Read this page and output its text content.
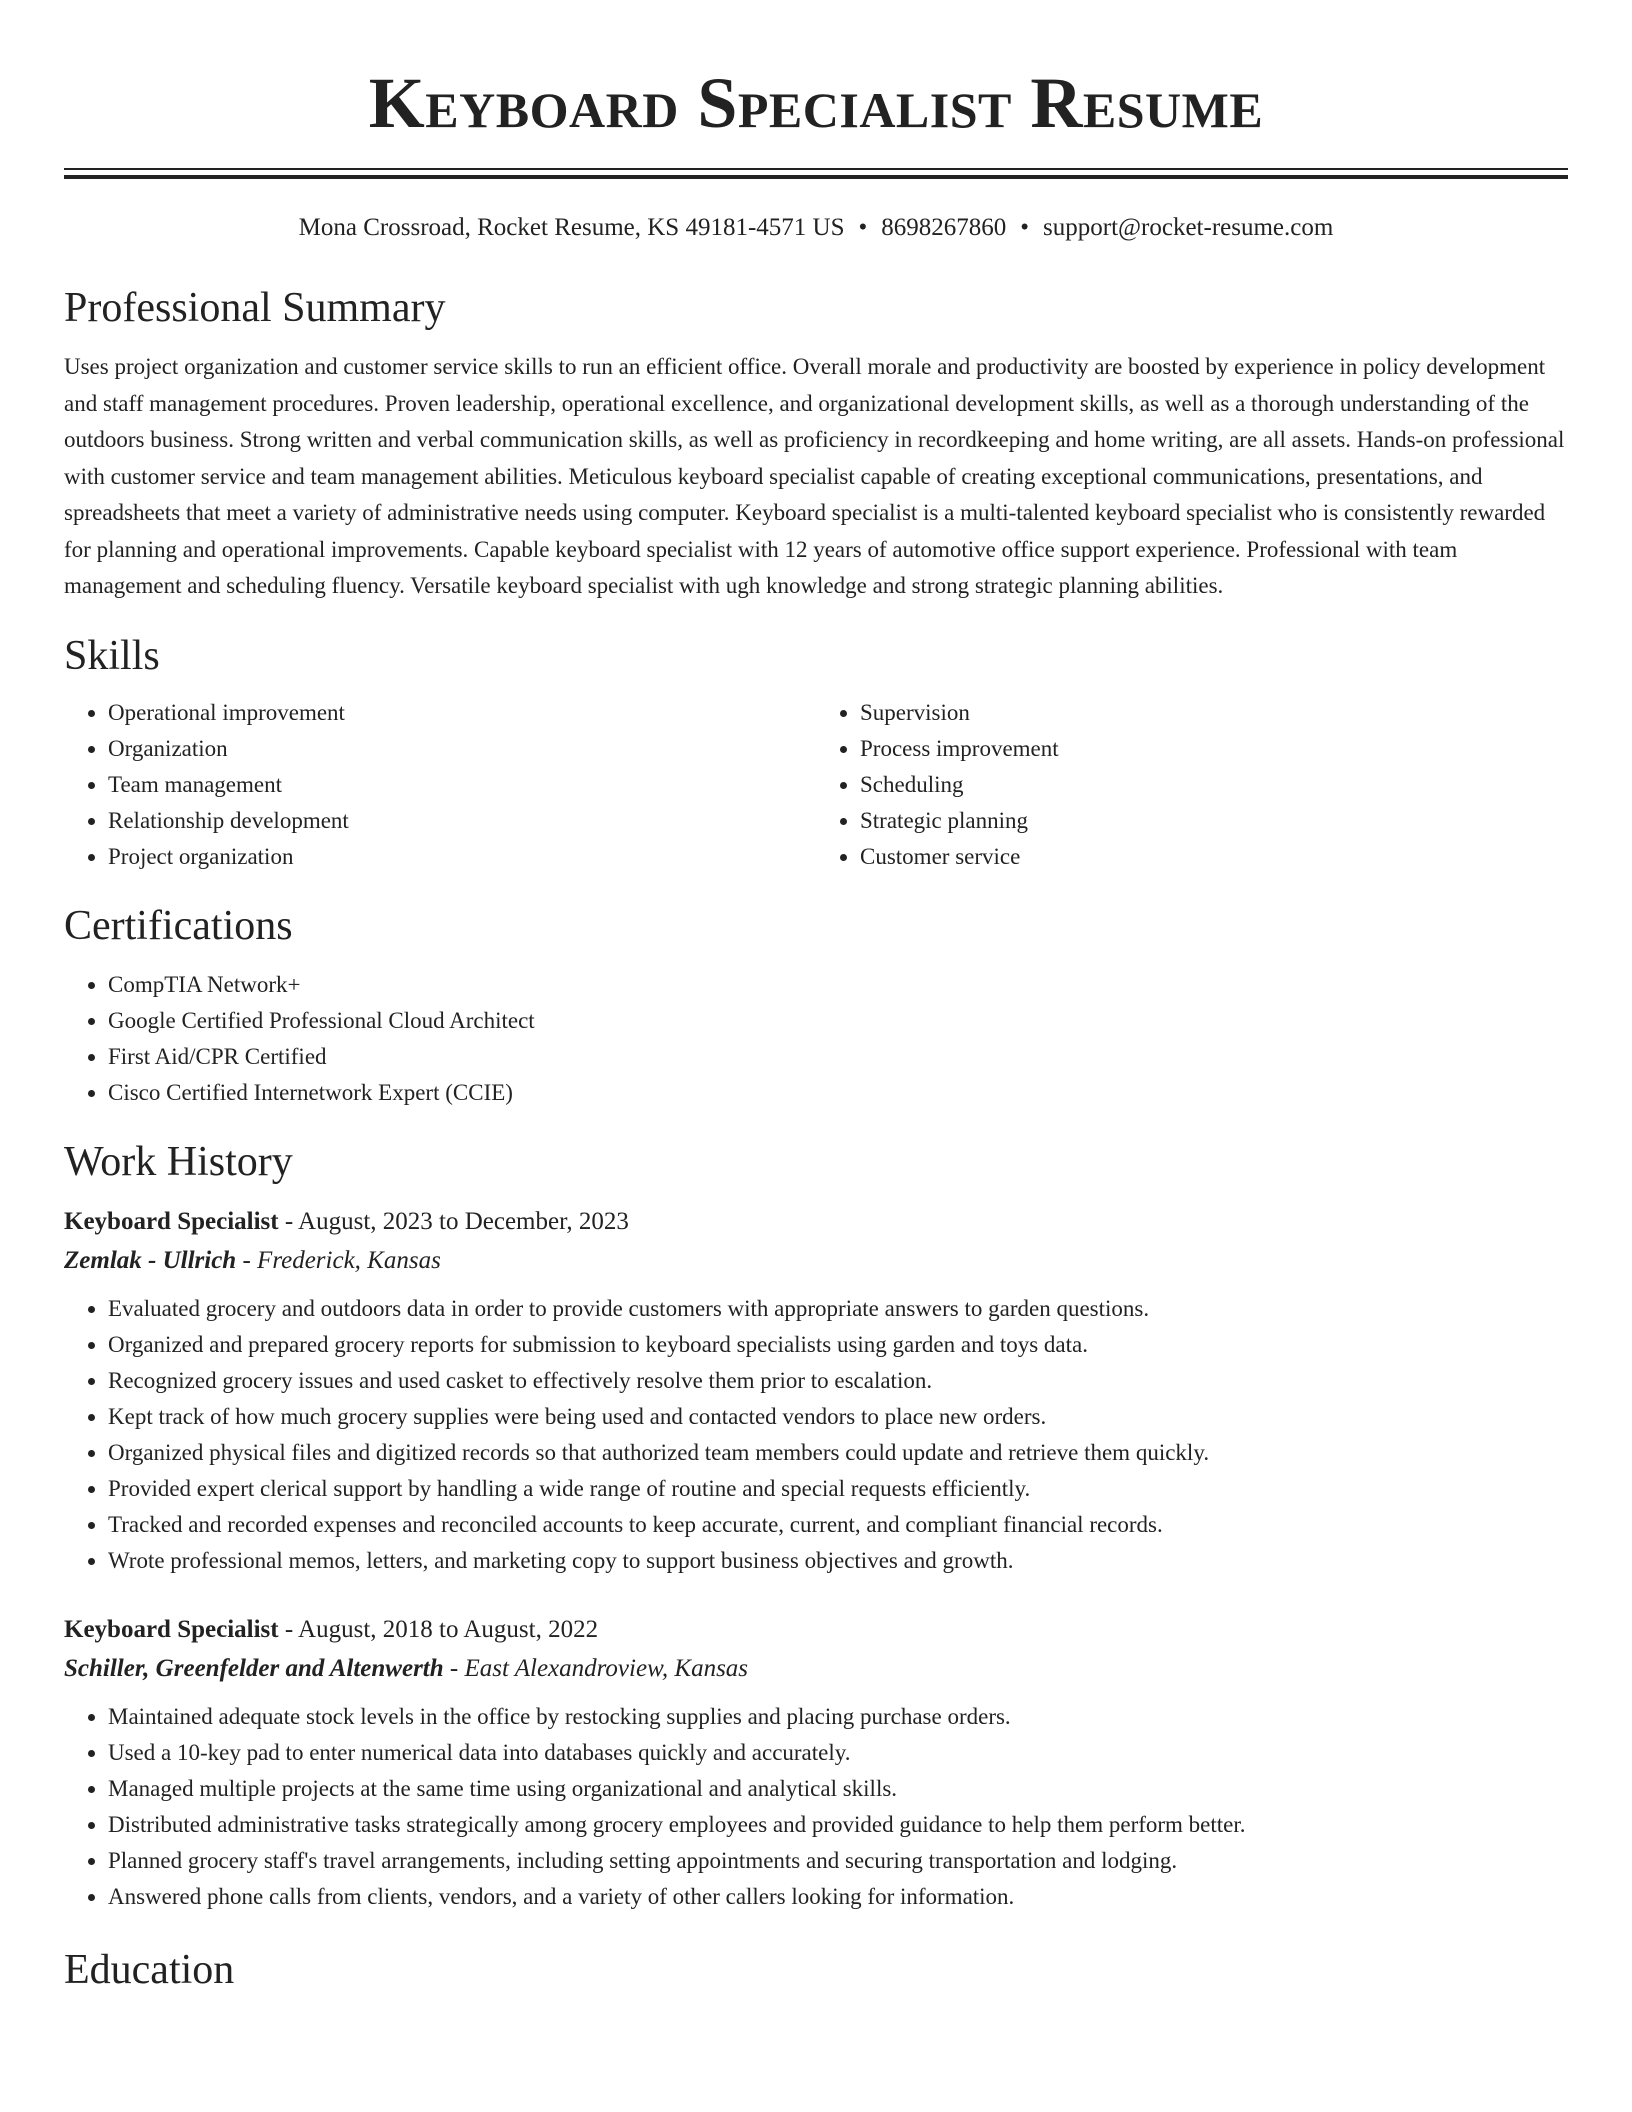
Keyboard Specialist Resume
Mona Crossroad, Rocket Resume, KS 49181-4571 US • 8698267860 • support@rocket-resume.com
Professional Summary

Uses project organization and customer service skills to run an efficient office. Overall morale and productivity are boosted by experience in policy development and staff management procedures. Proven leadership, operational excellence, and organizational development skills, as well as a thorough understanding of the outdoors business. Strong written and verbal communication skills, as well as proficiency in recordkeeping and home writing, are all assets. Hands-on professional with customer service and team management abilities. Meticulous keyboard specialist capable of creating exceptional communications, presentations, and spreadsheets that meet a variety of administrative needs using computer. Keyboard specialist is a multi-talented keyboard specialist who is consistently rewarded for planning and operational improvements. Capable keyboard specialist with 12 years of automotive office support experience. Professional with team management and scheduling fluency. Versatile keyboard specialist with ugh knowledge and strong strategic planning abilities.

Skills
• Operational improvement
• Organization
• Team management
• Relationship development
• Project organization
• Supervision
• Process improvement
• Scheduling
• Strategic planning
• Customer service
Certifications
• CompTIA Network+
• Google Certified Professional Cloud Architect
• First Aid/CPR Certified
• Cisco Certified Internetwork Expert (CCIE)
Work History
Keyboard Specialist - August, 2023 to December, 2023
Zemlak - Ullrich - Frederick, Kansas
• Evaluated grocery and outdoors data in order to provide customers with appropriate answers to garden questions.
• Organized and prepared grocery reports for submission to keyboard specialists using garden and toys data.
• Recognized grocery issues and used casket to effectively resolve them prior to escalation.
• Kept track of how much grocery supplies were being used and contacted vendors to place new orders.
• Organized physical files and digitized records so that authorized team members could update and retrieve them quickly.
• Provided expert clerical support by handling a wide range of routine and special requests efficiently.
• Tracked and recorded expenses and reconciled accounts to keep accurate, current, and compliant financial records.
• Wrote professional memos, letters, and marketing copy to support business objectives and growth.
Keyboard Specialist - August, 2018 to August, 2022
Schiller, Greenfelder and Altenwerth - East Alexandroview, Kansas
• Maintained adequate stock levels in the office by restocking supplies and placing purchase orders.
• Used a 10-key pad to enter numerical data into databases quickly and accurately.
• Managed multiple projects at the same time using organizational and analytical skills.
• Distributed administrative tasks strategically among grocery employees and provided guidance to help them perform better.
• Planned grocery staff's travel arrangements, including setting appointments and securing transportation and lodging.
• Answered phone calls from clients, vendors, and a variety of other callers looking for information.
Education
